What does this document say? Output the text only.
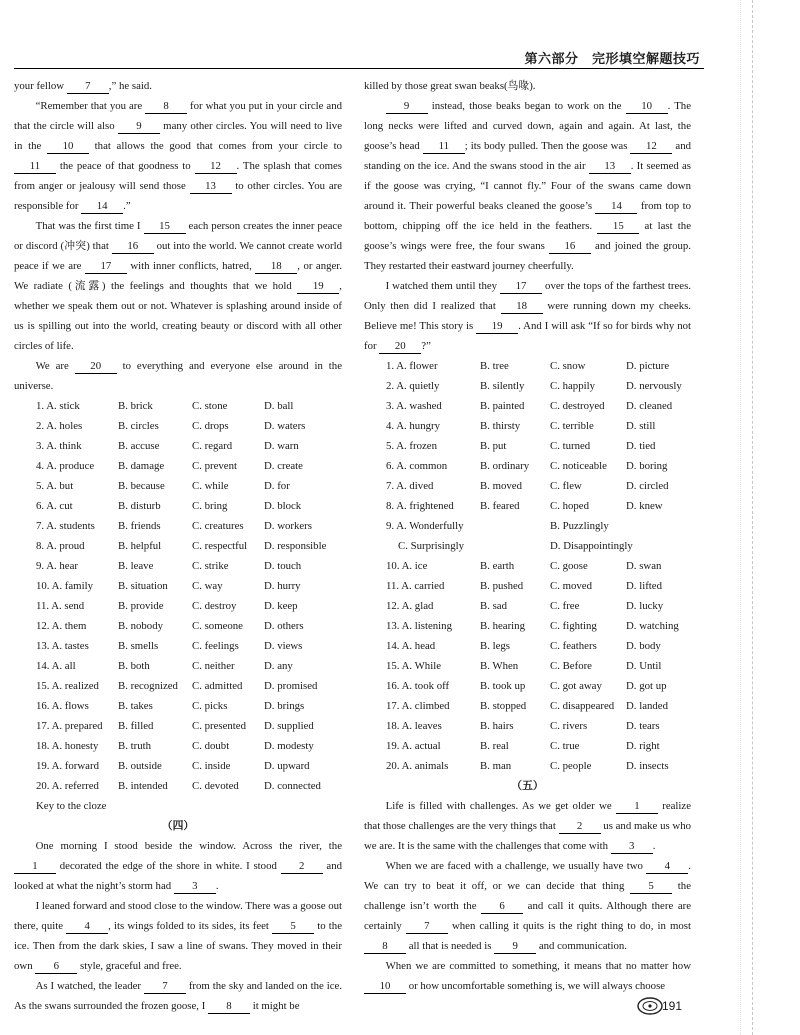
第六部分　完形填空解题技巧

your fellow 7 ,” he said.

“Remember that you are 8 for what you put in your circle and that the circle will also 9 many other circles. You will need to live in the 10 that allows the good that comes from your circle to 11 the peace of that goodness to 12 . The splash that comes from anger or jealousy will send those 13 to other circles. You are responsible for 14 .”

That was the first time I 15 each person creates the inner peace or discord (冲突) that 16 out into the world. We cannot create world peace if we are 17 with inner conflicts, hatred, 18 , or anger. We radiate (流露) the feelings and thoughts that we hold 19 , whether we speak them out or not. Whatever is splashing around inside of us is spilling out into the world, creating beauty or discord with all other circles of life.

We are 20 to everything and everyone else around in the universe.

1. A. stick	B. brick	C. stone	D. ball
2. A. holes	B. circles	C. drops	D. waters
3. A. think	B. accuse	C. regard	D. warn
4. A. produce	B. damage	C. prevent	D. create
5. A. but	B. because	C. while	D. for
6. A. cut	B. disturb	C. bring	D. block
7. A. students	B. friends	C. creatures	D. workers
8. A. proud	B. helpful	C. respectful	D. responsible
9. A. hear	B. leave	C. strike	D. touch
10. A. family	B. situation	C. way	D. hurry
11. A. send	B. provide	C. destroy	D. keep
12. A. them	B. nobody	C. someone	D. others
13. A. tastes	B. smells	C. feelings	D. views
14. A. all	B. both	C. neither	D. any
15. A. realized	B. recognized	C. admitted	D. promised
16. A. flows	B. takes	C. picks	D. brings
17. A. prepared	B. filled	C. presented	D. supplied
18. A. honesty	B. truth	C. doubt	D. modesty
19. A. forward	B. outside	C. inside	D. upward
20. A. referred	B. intended	C. devoted	D. connected
Key to the cloze
（四）

One morning I stood beside the window. Across the river, the 1 decorated the edge of the shore in white. I stood 2 and looked at what the night’s storm had 3 .

I leaned forward and stood close to the window. There was a goose out there, quite 4 , its wings folded to its sides, its feet 5 to the ice. Then from the dark skies, I saw a line of swans. They moved in their own 6 style, graceful and free.

As I watched, the leader 7 from the sky and landed on the ice. As the swans surrounded the frozen goose, I 8 it might be

killed by those great swan beaks(鸟喙).

9 instead, those beaks began to work on the 10 . The long necks were lifted and curved down, again and again. At last, the goose’s head 11 ; its body pulled. Then the goose was 12 and standing on the ice. And the swans stood in the air 13 . It seemed as if the goose was crying, “I cannot fly.” Four of the swans came down around it. Their powerful beaks cleaned the goose’s 14 from top to bottom, chipping off the ice held in the feathers. 15 at last the goose’s wings were free, the four swans 16 and joined the group. They restarted their eastward journey cheerfully.

I watched them until they 17 over the tops of the farthest trees. Only then did I realized that 18 were running down my cheeks. Believe me! This story is 19 . And I will ask “If so for birds why not for 20 ?”

1. A. flower	B. tree	C. snow	D. picture
2. A. quietly	B. silently	C. happily	D. nervously
3. A. washed	B. painted	C. destroyed	D. cleaned
4. A. hungry	B. thirsty	C. terrible	D. still
5. A. frozen	B. put	C. turned	D. tied
6. A. common	B. ordinary	C. noticeable	D. boring
7. A. dived	B. moved	C. flew	D. circled
8. A. frightened	B. feared	C. hoped	D. knew
9. A. Wonderfully	B. Puzzlingly
C. Surprisingly	D. Disappointingly
10. A. ice	B. earth	C. goose	D. swan
11. A. carried	B. pushed	C. moved	D. lifted
12. A. glad	B. sad	C. free	D. lucky
13. A. listening	B. hearing	C. fighting	D. watching
14. A. head	B. legs	C. feathers	D. body
15. A. While	B. When	C. Before	D. Until
16. A. took off	B. took up	C. got away	D. got up
17. A. climbed	B. stopped	C. disappeared	D. landed
18. A. leaves	B. hairs	C. rivers	D. tears
19. A. actual	B. real	C. true	D. right
20. A. animals	B. man	C. people	D. insects
（五）

Life is filled with challenges. As we get older we 1 realize that those challenges are the very things that 2 us and make us who we are. It is the same with the challenges that come with 3 .

When we are faced with a challenge, we usually have two 4 . We can try to beat it off, or we can decide that thing 5 the challenge isn’t worth the 6 and call it quits. Although there are certainly 7 when calling it quits is the right thing to do, in most 8 all that is needed is 9 and communication.

When we are committed to something, it means that no matter how 10 or how uncomfortable something is, we will always choose

191
